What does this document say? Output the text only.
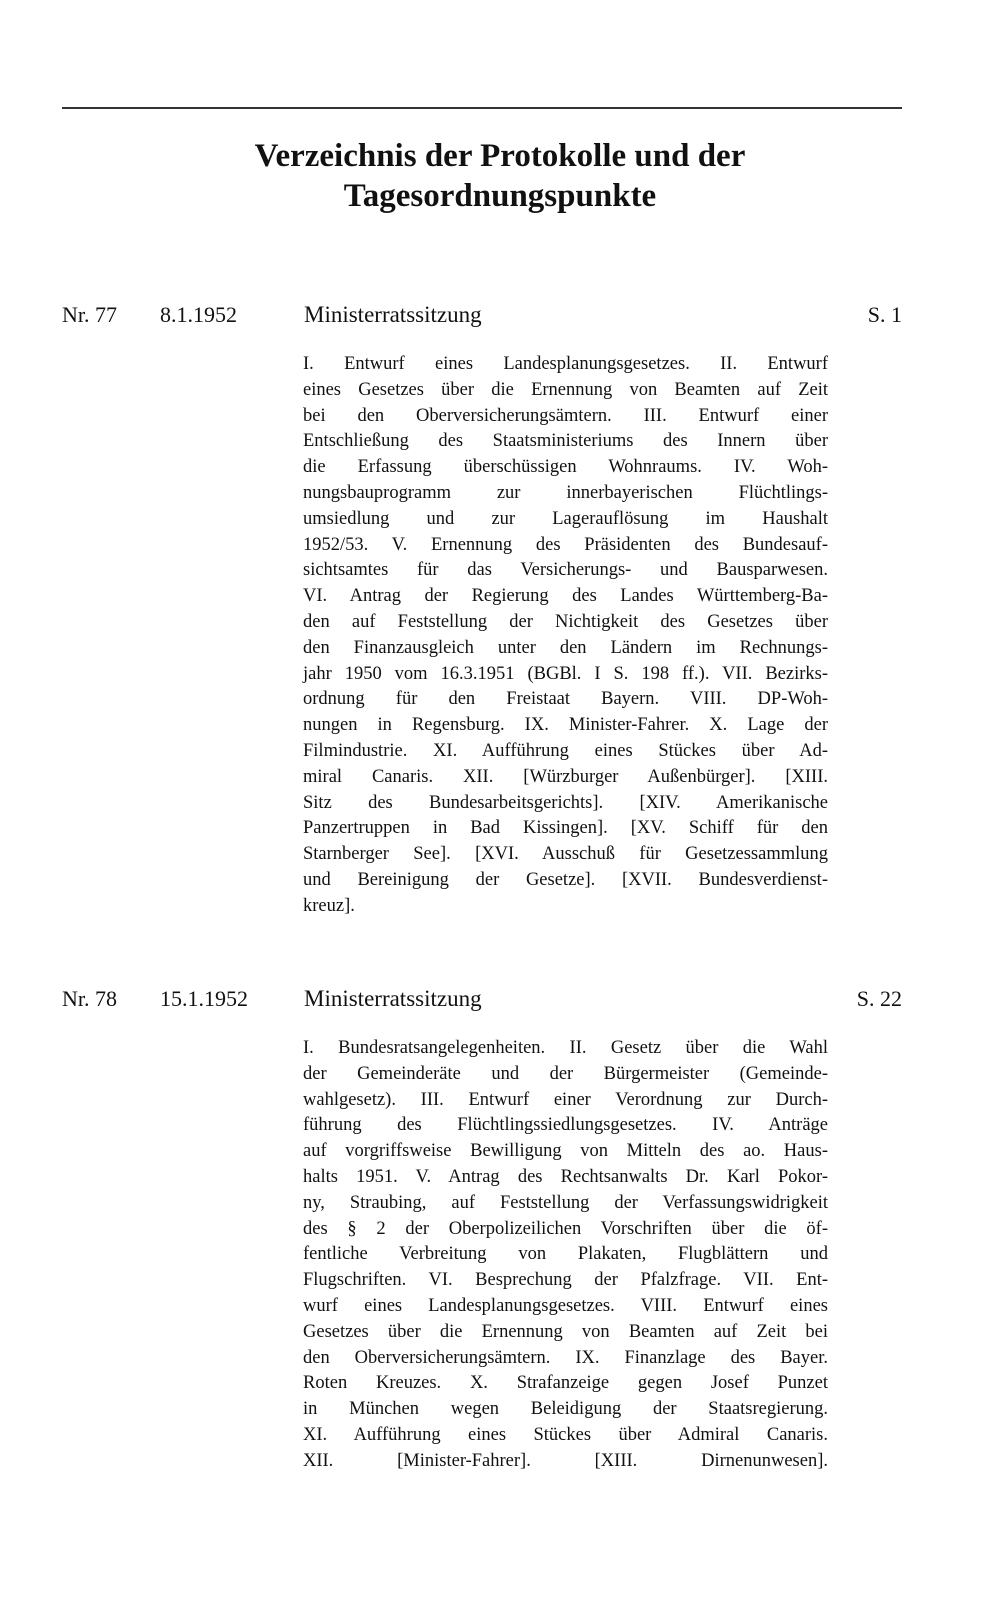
Verzeichnis der Protokolle und der
Tagesordnungspunkte
Nr. 77 8.1.1952	Ministerratssitzung	S. 1

I. Entwurf eines Landesplanungsgesetzes. II. Entwurf
eines Gesetzes über die Ernennung von Beamten auf Zeit
bei den Oberversicherungsämtern. III. Entwurf einer
Entschließung des Staatsministeriums des Innern über
die Erfassung überschüssigen Wohnraums. IV. Woh-
nungsbauprogramm zur innerbayerischen Flüchtlings-
umsiedlung und zur Lagerauflösung im Haushalt
1952/53. V. Ernennung des Präsidenten des Bundesauf-
sichtsamtes für das Versicherungs- und Bausparwesen.
VI. Antrag der Regierung des Landes Württemberg-Ba-
den auf Feststellung der Nichtigkeit des Gesetzes über
den Finanzausgleich unter den Ländern im Rechnungs-
jahr 1950 vom 16.3.1951 (BGBl. I S. 198 ff.). VII. Bezirks-
ordnung für den Freistaat Bayern. VIII. DP-Woh-
nungen in Regensburg. IX. Minister-Fahrer. X. Lage der
Filmindustrie. XI. Aufführung eines Stückes über Ad-
miral Canaris. XII. [Würzburger Außenbürger]. [XIII.
Sitz des Bundesarbeitsgerichts]. [XIV. Amerikanische
Panzertruppen in Bad Kissingen]. [XV. Schiff für den
Starnberger See]. [XVI. Ausschuß für Gesetzessammlung
und Bereinigung der Gesetze]. [XVII. Bundesverdienst-
kreuz].

Nr. 78 15.1.1952 Ministerratssitzung	S. 22

I. Bundesratsangelegenheiten. II. Gesetz über die Wahl
der Gemeinderäte und der Bürgermeister (Gemeinde-
wahlgesetz). III. Entwurf einer Verordnung zur Durch-
führung des Flüchtlingssiedlungsgesetzes. IV. Anträge
auf vorgriffsweise Bewilligung von Mitteln des ao. Haus-
halts 1951. V. Antrag des Rechtsanwalts Dr. Karl Pokor-
ny, Straubing, auf Feststellung der Verfassungswidrigkeit
des § 2 der Oberpolizeilichen Vorschriften über die öf-
fentliche Verbreitung von Plakaten, Flugblättern und
Flugschriften. VI. Besprechung der Pfalzfrage. VII. Ent-
wurf eines Landesplanungsgesetzes. VIII. Entwurf eines
Gesetzes über die Ernennung von Beamten auf Zeit bei
den Oberversicherungsämtern. IX. Finanzlage des Bayer.
Roten Kreuzes. X. Strafanzeige gegen Josef Punzet
in München wegen Beleidigung der Staatsregierung.
XI. Aufführung eines Stückes über Admiral Canaris.
XII. [Minister-Fahrer]. [XIII. Dirnenunwesen].
